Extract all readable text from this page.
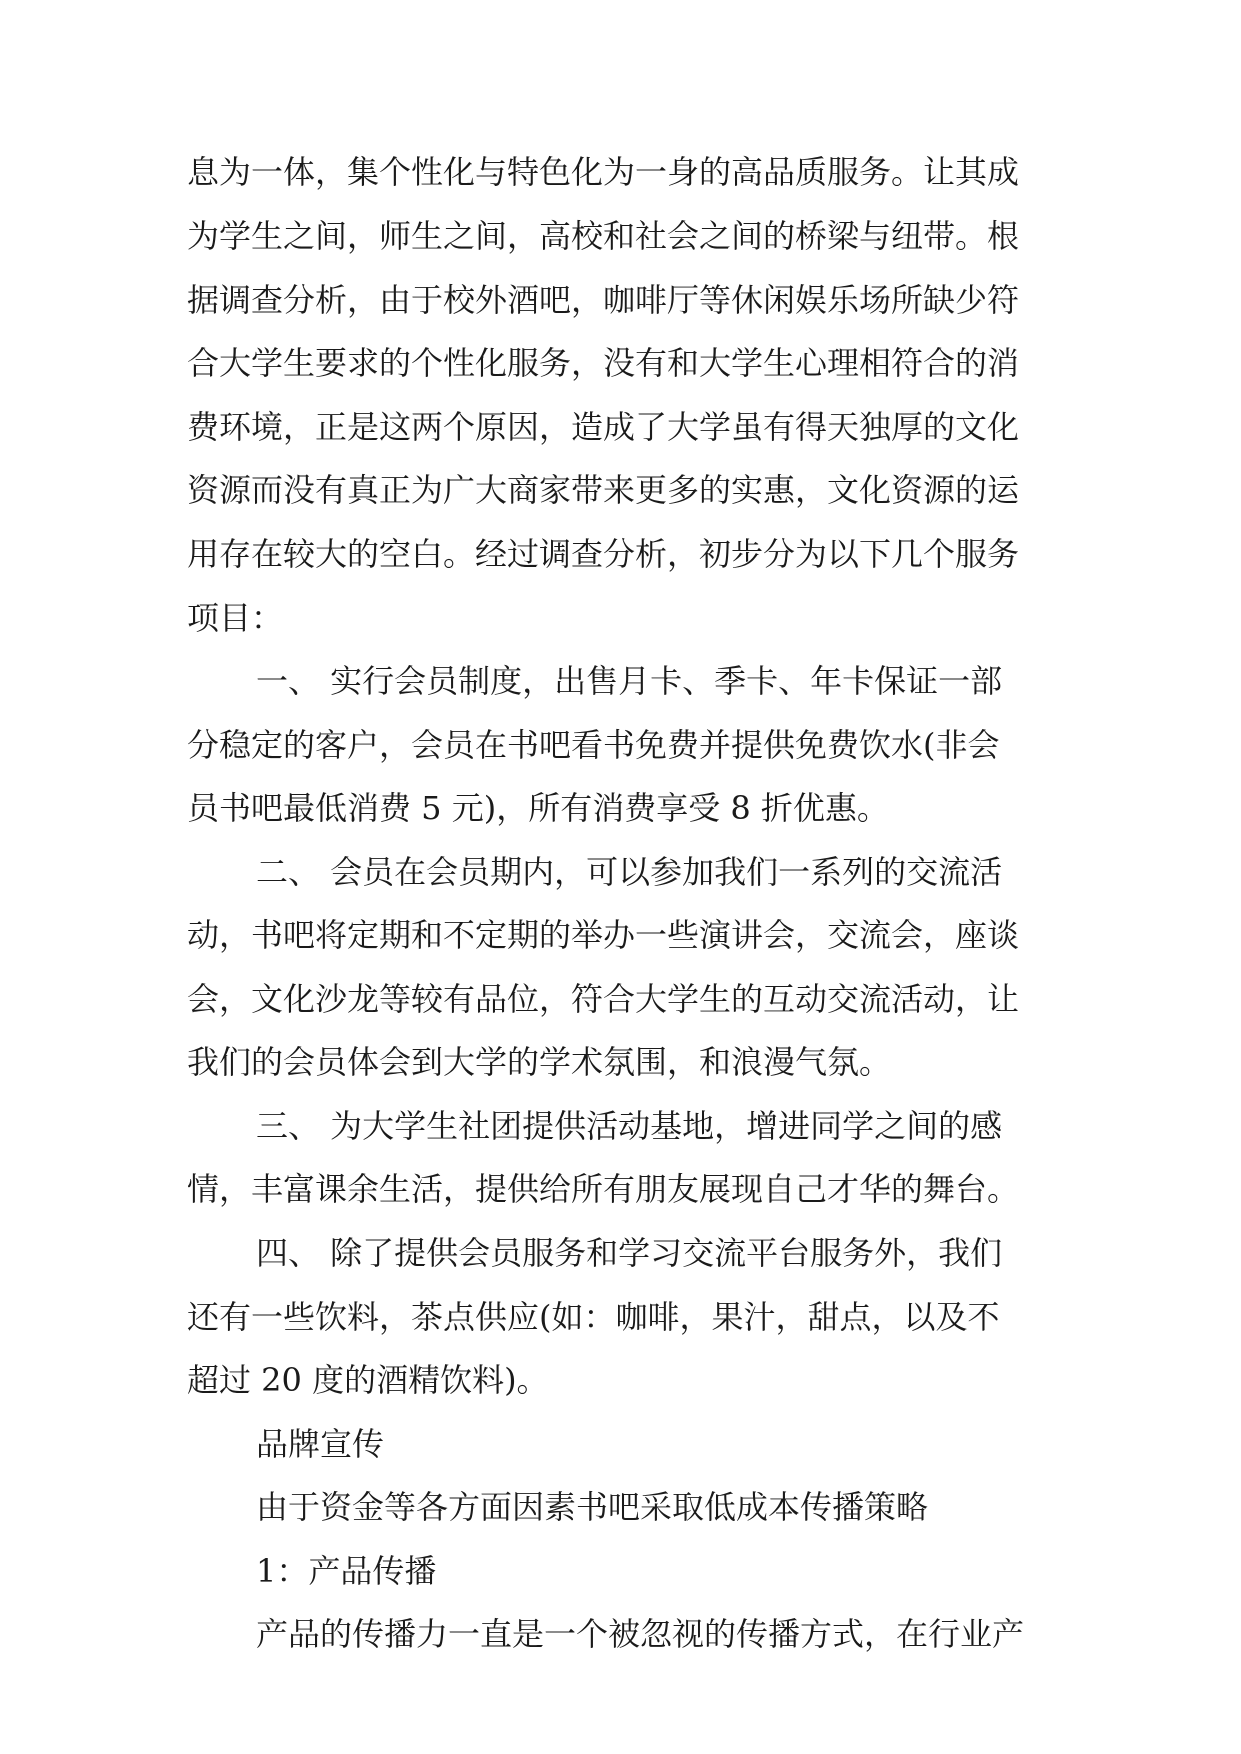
息为一体，集个性化与特色化为一身的高品质服务。让其成
为学生之间，师生之间，高校和社会之间的桥梁与纽带。根
据调查分析，由于校外酒吧，咖啡厅等休闲娱乐场所缺少符
合大学生要求的个性化服务，没有和大学生心理相符合的消
费环境，正是这两个原因，造成了大学虽有得天独厚的文化
资源而没有真正为广大商家带来更多的实惠，文化资源的运
用存在较大的空白。经过调查分析，初步分为以下几个服务
项目：
一、 实行会员制度，出售月卡、季卡、年卡保证一部
分稳定的客户，会员在书吧看书免费并提供免费饮水(非会
员书吧最低消费 5 元)，所有消费享受 8 折优惠。
二、 会员在会员期内，可以参加我们一系列的交流活
动，书吧将定期和不定期的举办一些演讲会，交流会，座谈
会，文化沙龙等较有品位，符合大学生的互动交流活动，让
我们的会员体会到大学的学术氛围，和浪漫气氛。
三、 为大学生社团提供活动基地，增进同学之间的感
情，丰富课余生活，提供给所有朋友展现自己才华的舞台。
四、 除了提供会员服务和学习交流平台服务外，我们
还有一些饮料，茶点供应(如：咖啡，果汁，甜点，以及不
超过 20 度的酒精饮料)。
品牌宣传
由于资金等各方面因素书吧采取低成本传播策略
1：产品传播
产品的传播力一直是一个被忽视的传播方式，在行业产
